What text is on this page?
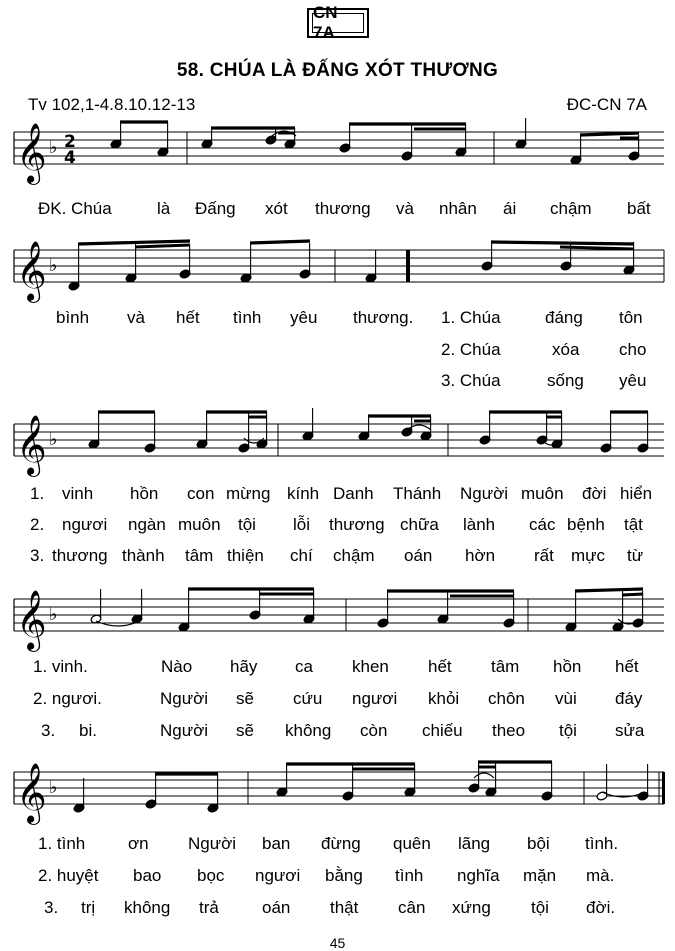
CN 7A
58. CHÚA LÀ ĐẤNG XÓT THƯƠNG
Tv 102,1-4.8.10.12-13	ĐC-CN 7A
𝄞 ♭ 2
4
𝄞 ♭
𝄞 ♭
𝄞 ♭
𝄞 ♭
ĐK. Chúa	là Đấng xót thương và nhân ái chậm bất
bình và hết tình yêu thương. 1. Chúa	đáng tôn
2. Chúa	xóa cho
3. Chúa	sống yêu
1. vinh hồn con mừng kính Danh Thánh Người muôn đời hiển
2. ngươi ngàn muôn tội lỗi thương chữa lành các bệnh tật
3. thương thành tâm thiện chí chậm oán hờn rất mực từ
1. vinh.	Nào hãy ca khen hết tâm hồn hết
2. ngươi.	Người sẽ cứu ngươi khỏi chôn vùi đáy
3. bi.	Người sẽ không còn chiếu theo tội sửa
1. tình	ơn Người ban đừng quên lãng bội tình.
2. huyệt bao bọc ngươi bằng tình nghĩa mặn mà.
3. trị không trả	oán thật cân xứng tội đời.
45
